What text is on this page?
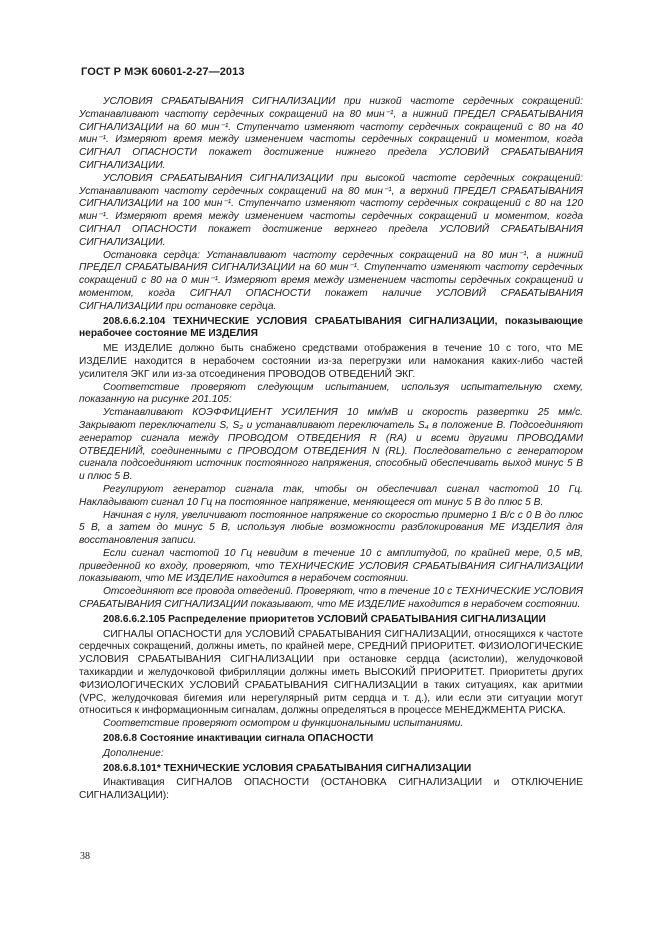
ГОСТ Р МЭК 60601-2-27—2013

УСЛОВИЯ СРАБАТЫВАНИЯ СИГНАЛИЗАЦИИ при низкой частоте сердечных сокращений: Устанавливают частоту сердечных сокращений на 80 мин⁻¹, а нижний ПРЕДЕЛ СРАБАТЫВАНИЯ СИГНАЛИЗАЦИИ на 60 мин⁻¹. Ступенчато изменяют частоту сердечных сокращений с 80 на 40 мин⁻¹. Измеряют время между изменением частоты сердечных сокращений и моментом, когда СИГНАЛ ОПАСНОСТИ покажет достижение нижнего предела УСЛОВИЙ СРАБАТЫВАНИЯ СИГНАЛИЗАЦИИ.

УСЛОВИЯ СРАБАТЫВАНИЯ СИГНАЛИЗАЦИИ при высокой частоте сердечных сокращений: Устанавливают частоту сердечных сокращений на 80 мин⁻¹, а верхний ПРЕДЕЛ СРАБАТЫВАНИЯ СИГНАЛИЗАЦИИ на 100 мин⁻¹. Ступенчато изменяют частоту сердечных сокращений с 80 на 120 мин⁻¹. Измеряют время между изменением частоты сердечных сокращений и моментом, когда СИГНАЛ ОПАСНОСТИ покажет достижение верхнего предела УСЛОВИЙ СРАБАТЫВАНИЯ СИГНАЛИЗАЦИИ.

Остановка сердца: Устанавливают частоту сердечных сокращений на 80 мин⁻¹, а нижний ПРЕДЕЛ СРАБАТЫВАНИЯ СИГНАЛИЗАЦИИ на 60 мин⁻¹. Ступенчато изменяют частоту сердечных сокращений с 80 на 0 мин⁻¹. Измеряют время между изменением частоты сердечных сокращений и моментом, когда СИГНАЛ ОПАСНОСТИ покажет наличие УСЛОВИЙ СРАБАТЫВАНИЯ СИГНАЛИЗАЦИИ при остановке сердца.

208.6.6.2.104 ТЕХНИЧЕСКИЕ УСЛОВИЯ СРАБАТЫВАНИЯ СИГНАЛИЗАЦИИ, показывающие нерабочее состояние МЕ ИЗДЕЛИЯ

МЕ ИЗДЕЛИЕ должно быть снабжено средствами отображения в течение 10 с того, что МЕ ИЗДЕЛИЕ находится в нерабочем состоянии из-за перегрузки или намокания каких-либо частей усилителя ЭКГ или из-за отсоединения ПРОВОДОВ ОТВЕДЕНИЙ ЭКГ.

Соответствие проверяют следующим испытанием, используя испытательную схему, показанную на рисунке 201.105:

Устанавливают КОЭФФИЦИЕНТ УСИЛЕНИЯ 10 мм/мВ и скорость развертки 25 мм/с. Закрывают переключатели S, S₂ и устанавливают переключатель S₄ в положение В. Подсоединяют генератор сигнала между ПРОВОДОМ ОТВЕДЕНИЯ R (RA) и всеми другими ПРОВОДАМИ ОТВЕДЕНИЙ, соединенными с ПРОВОДОМ ОТВЕДЕНИЯ N (RL). Последовательно с генератором сигнала подсоединяют источник постоянного напряжения, способный обеспечивать выход минус 5 В и плюс 5 В.

Регулируют генератор сигнала так, чтобы он обеспечивал сигнал частотой 10 Гц. Накладывают сигнал 10 Гц на постоянное напряжение, меняющееся от минус 5 В до плюс 5 В.

Начиная с нуля, увеличивают постоянное напряжение со скоростью примерно 1 В/с с 0 В до плюс 5 В, а затем до минус 5 В, используя любые возможности разблокирования МЕ ИЗДЕЛИЯ для восстановления записи.

Если сигнал частотой 10 Гц невидим в течение 10 с амплитудой, по крайней мере, 0,5 мВ, приведенной ко входу, проверяют, что ТЕХНИЧЕСКИЕ УСЛОВИЯ СРАБАТЫВАНИЯ СИГНАЛИЗАЦИИ показывают, что МЕ ИЗДЕЛИЕ находится в нерабочем состоянии.

Отсоединяют все провода отведений. Проверяют, что в течение 10 с ТЕХНИЧЕСКИЕ УСЛОВИЯ СРАБАТЫВАНИЯ СИГНАЛИЗАЦИИ показывают, что МЕ ИЗДЕЛИЕ находится в нерабочем состоянии.

208.6.6.2.105 Распределение приоритетов УСЛОВИЙ СРАБАТЫВАНИЯ СИГНАЛИЗАЦИИ

СИГНАЛЫ ОПАСНОСТИ для УСЛОВИЙ СРАБАТЫВАНИЯ СИГНАЛИЗАЦИИ, относящихся к частоте сердечных сокращений, должны иметь, по крайней мере, СРЕДНИЙ ПРИОРИТЕТ. ФИЗИОЛОГИЧЕСКИЕ УСЛОВИЯ СРАБАТЫВАНИЯ СИГНАЛИЗАЦИИ при остановке сердца (асистолии), желудочковой тахикардии и желудочковой фибрилляции должны иметь ВЫСОКИЙ ПРИОРИТЕТ. Приоритеты других ФИЗИОЛОГИЧЕСКИХ УСЛОВИЙ СРАБАТЫВАНИЯ СИГНАЛИЗАЦИИ в таких ситуациях, как аритмии (VPC, желудочковая бигемия или нерегулярный ритм сердца и т. д.), или если эти ситуации могут относиться к информационным сигналам, должны определяться в процессе МЕНЕДЖМЕНТА РИСКА.

Соответствие проверяют осмотром и функциональными испытаниями.

208.6.8 Состояние инактивации сигнала ОПАСНОСТИ

Дополнение:

208.6.8.101* ТЕХНИЧЕСКИЕ УСЛОВИЯ СРАБАТЫВАНИЯ СИГНАЛИЗАЦИИ

Инактивация СИГНАЛОВ ОПАСНОСТИ (ОСТАНОВКА СИГНАЛИЗАЦИИ и ОТКЛЮЧЕНИЕ СИГНАЛИЗАЦИИ):

38
